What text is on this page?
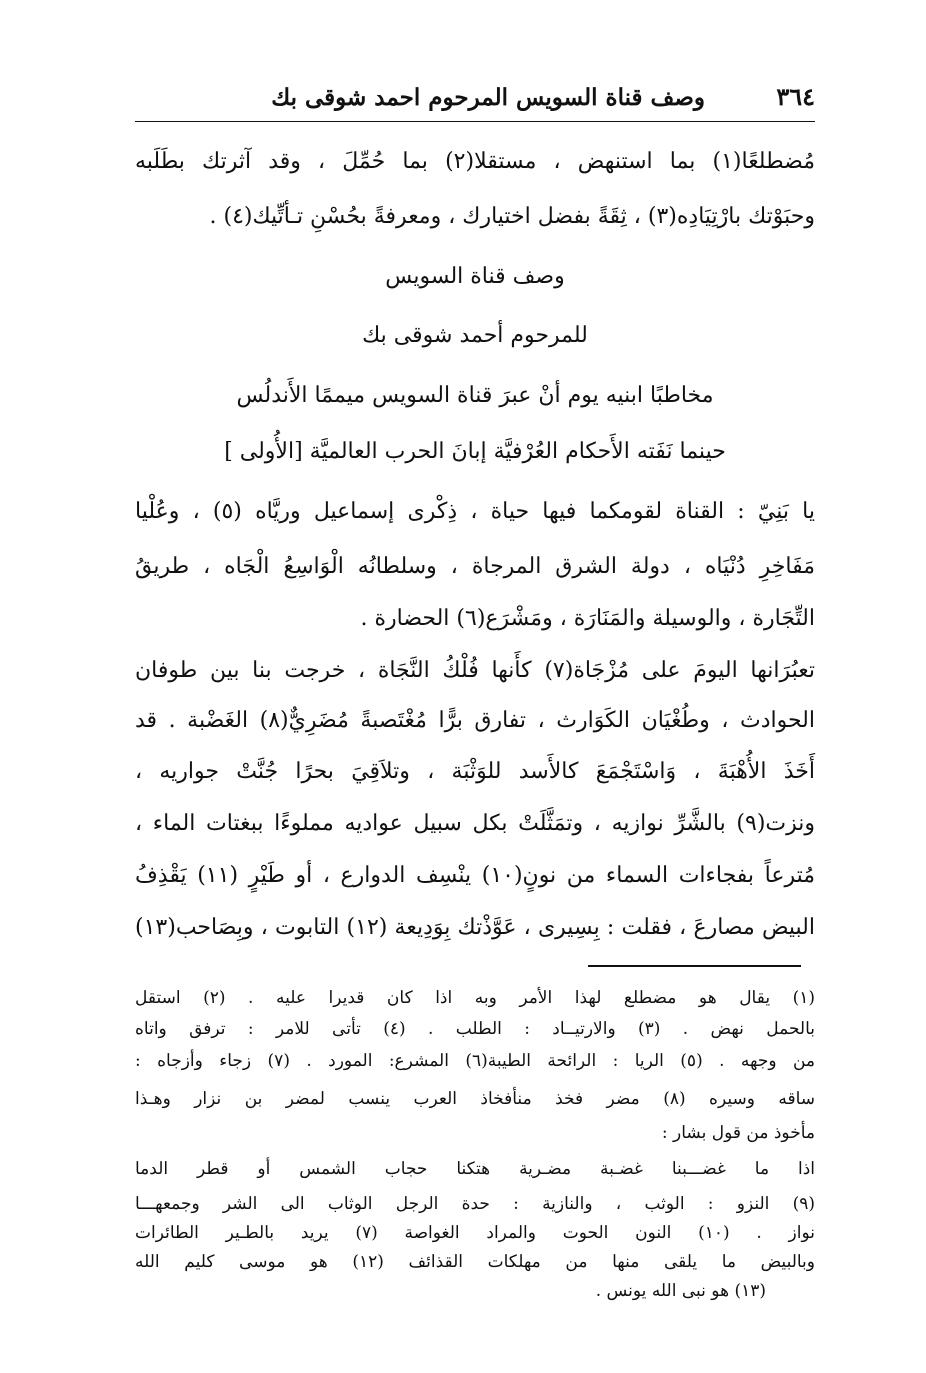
٣٦٤
وصف قناة السويس المرحوم احمد شوقى بك
مُضطلعًا(١) بما استنهض ، مستقلا(٢) بما حُمِّلَ ، وقد آثرتك بطَلَبه
وحبَوْتك بارْتِيَادِه(٣) ، ثِقَةً بفضل اختيارك ، ومعرفةً بحُسْنِ تـأتِّيك(٤) .
وصف قناة السويس
للمرحوم أحمد شوقى بك
مخاطبًا ابنيه يوم أنْ عبرَ قناة السويس ميممًا الأَندلُس
حينما نَفَته الأَحكام العُرْفيَّة إبانَ الحرب العالميَّة [الأُولى ]
يا بَنِيّ : القناة لقومكما فيها حياة ، ذِكْرى إسماعيل وريَّاه (٥) ، وعُلْيا
مَفَاخِرِ دُنْيَاه ، دولة الشرق المرجاة ، وسلطانُه الْوَاسِعُ الْجَاه ، طريقُ
التِّجَارة ، والوسيلة والمَنَارَة ، ومَشْرَع(٦) الحضارة .
تعبُرَانها اليومَ على مُزْجَاة(٧) كأَنها فُلْكُ النَّجَاة ، خرجت بنا بين طوفان
الحوادث ، وطُغْيَان الكَوَارث ، تفارق برًّا مُغْتَصبةً مُضَرِيٌّ(٨) الغَضْبة . قد
أَخَذَ الأُهْبَةَ ، وَاسْتَجْمَعَ كالأَسد للوَثْبَة ، وتلاَقِيَ بحرًا جُنَّتْ جواريه ،
ونزت(٩) بالشَّرِّ نوازيه ، وتمَثَّلَتْ بكل سبيل عواديه مملوءًا ببغتات الماء ،
مُترعاً بفجاءات السماء من نونٍ(١٠) ينْسِف الدوارع ، أو طَيْرٍ (١١) يَقْذِفُ
البيض مصارعَ ، فقلت : بِسِيرى ، عَوَّذْتك بِوَدِيعة (١٢) التابوت ، وبِصَاحب(١٣)
(١) يقال هو مضطلع لهذا الأمر وبه اذا كان قديرا عليه . (٢) استقل
بالحمل نهض . (٣) والارتيــاد : الطلب . (٤) تأتى للامر : ترفق واتاه
من وجهه . (٥) الريا : الرائحة الطيبة(٦) المشرع: المورد . (٧) زجاء وأزجاه :
ساقه وسيره (٨) مضر فخذ منأفخاذ العرب ينسب لمضر بن نزار وهـذا
مأخوذ من قول بشار :
اذا ما غضـــبنا غضـبة مضـرية هتكنا حجاب الشمس أو قطر الدما
(٩) النزو : الوثب ، والنازية : حدة الرجل الوثاب الى الشر وجمعهـــا
نواز . (١٠) النون الحوت والمراد الغواصة (٧) يريد بالطـير الطائرات
وبالبيض ما يلقى منها من مهلكات القذائف (١٢) هو موسى كليم الله
(١٣) هو نبى الله يونس .
